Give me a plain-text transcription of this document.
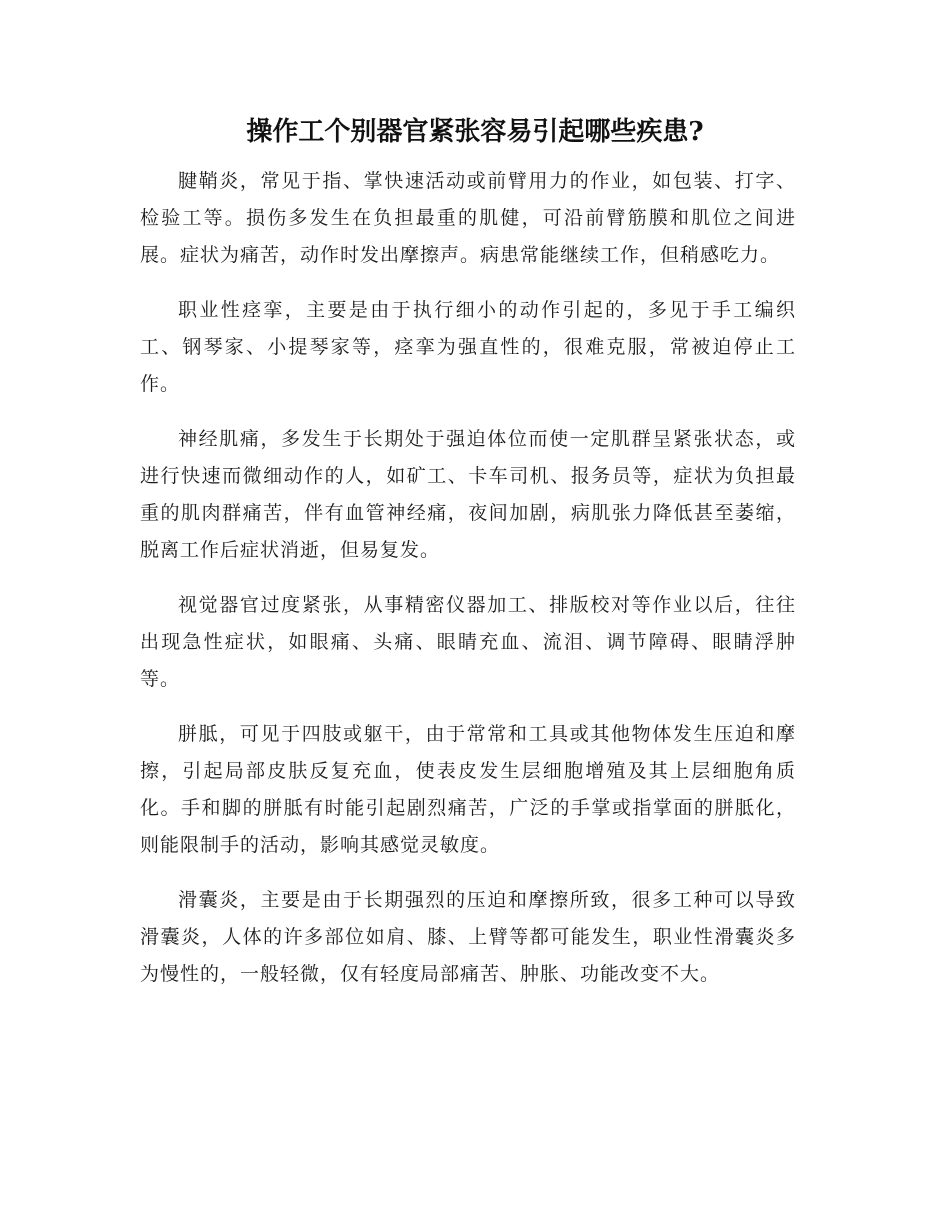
操作工个别器官紧张容易引起哪些疾患?

腱鞘炎，常见于指、掌快速活动或前臂用力的作业，如包装、打字、检验工等。损伤多发生在负担最重的肌健，可沿前臂筋膜和肌位之间进展。症状为痛苦，动作时发出摩擦声。病患常能继续工作，但稍感吃力。

职业性痉挛，主要是由于执行细小的动作引起的，多见于手工编织工、钢琴家、小提琴家等，痉挛为强直性的，很难克服，常被迫停止工作。

神经肌痛，多发生于长期处于强迫体位而使一定肌群呈紧张状态，或进行快速而微细动作的人，如矿工、卡车司机、报务员等，症状为负担最重的肌肉群痛苦，伴有血管神经痛，夜间加剧，病肌张力降低甚至萎缩，脱离工作后症状消逝，但易复发。

视觉器官过度紧张，从事精密仪器加工、排版校对等作业以后，往往出现急性症状，如眼痛、头痛、眼睛充血、流泪、调节障碍、眼睛浮肿等。

胼胝，可见于四肢或躯干，由于常常和工具或其他物体发生压迫和摩擦，引起局部皮肤反复充血，使表皮发生层细胞增殖及其上层细胞角质化。手和脚的胼胝有时能引起剧烈痛苦，广泛的手掌或指掌面的胼胝化，则能限制手的活动，影响其感觉灵敏度。

滑囊炎，主要是由于长期强烈的压迫和摩擦所致，很多工种可以导致滑囊炎，人体的许多部位如肩、膝、上臂等都可能发生，职业性滑囊炎多为慢性的，一般轻微，仅有轻度局部痛苦、肿胀、功能改变不大。
